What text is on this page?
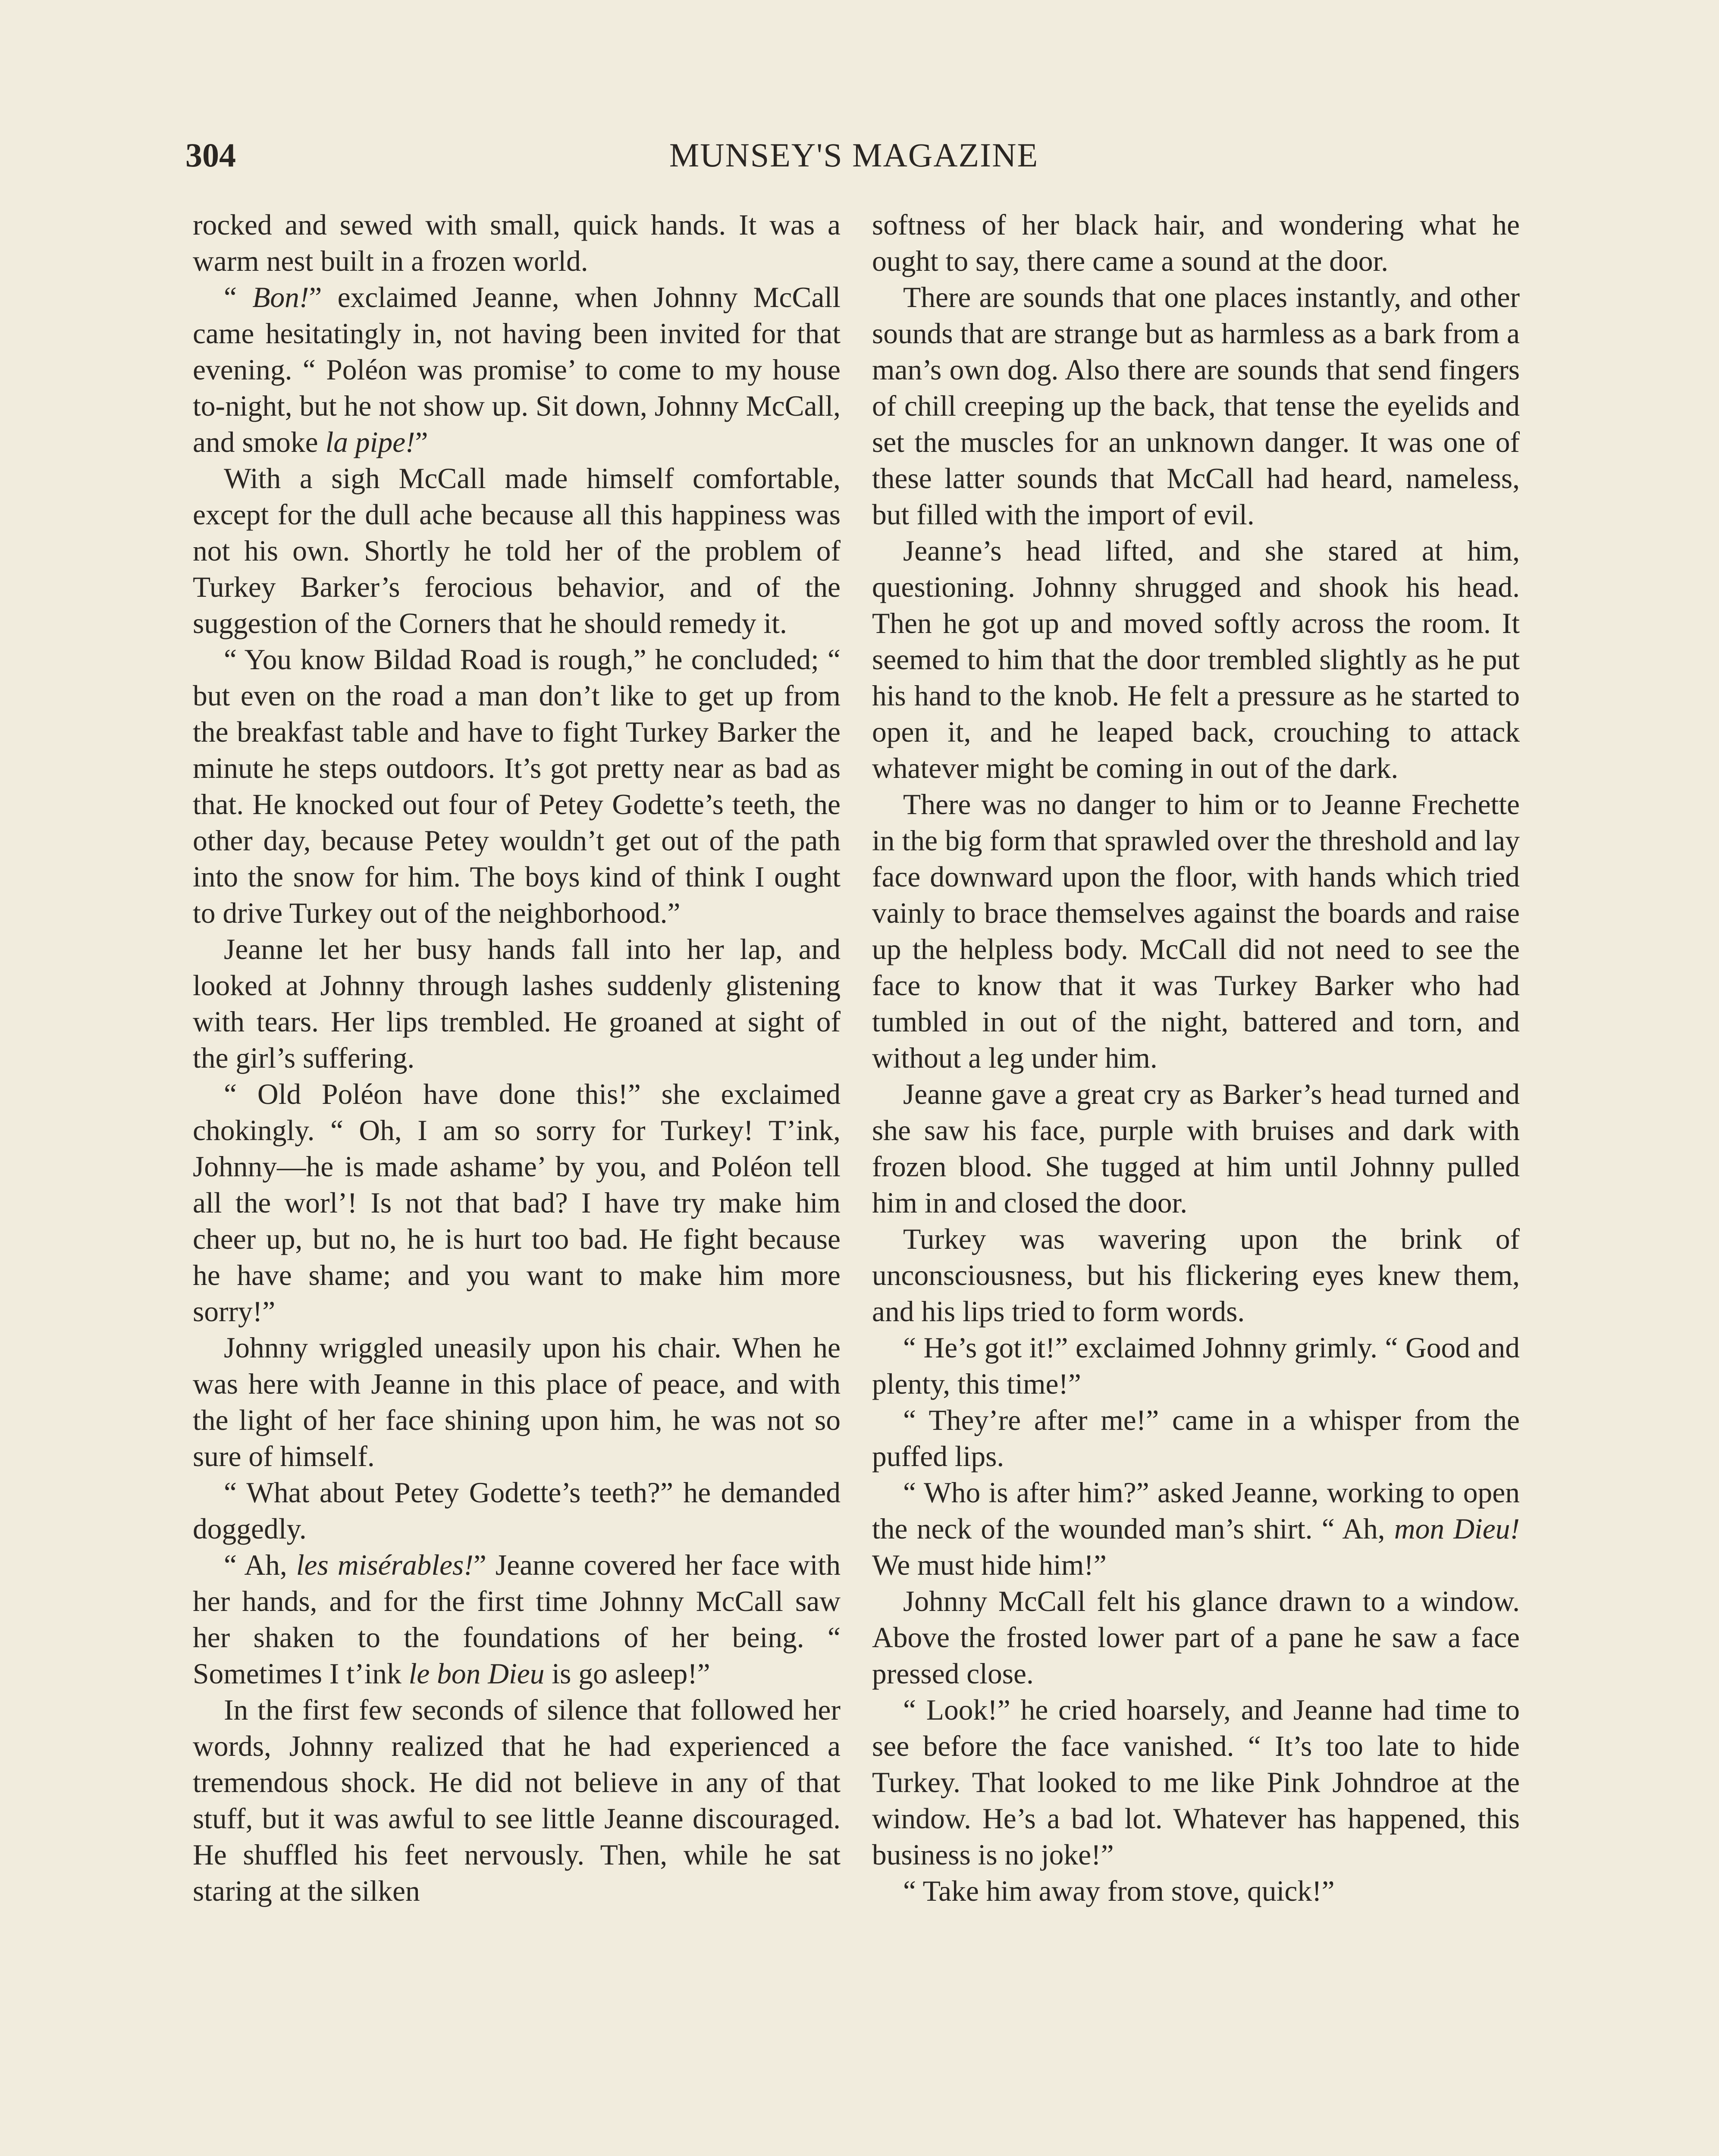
304	MUNSEY'S MAGAZINE

rocked and sewed with small, quick hands. It was a warm nest built in a frozen world.

“ Bon!” exclaimed Jeanne, when Johnny McCall came hesitatingly in, not having been invited for that evening. “ Poléon was promise’ to come to my house to-night, but he not show up. Sit down, Johnny McCall, and smoke la pipe!”

With a sigh McCall made himself comfortable, except for the dull ache because all this happiness was not his own. Shortly he told her of the problem of Turkey Barker’s ferocious behavior, and of the suggestion of the Corners that he should remedy it.

“ You know Bildad Road is rough,” he concluded; “ but even on the road a man don’t like to get up from the breakfast table and have to fight Turkey Barker the minute he steps outdoors. It’s got pretty near as bad as that. He knocked out four of Petey Godette’s teeth, the other day, because Petey wouldn’t get out of the path into the snow for him. The boys kind of think I ought to drive Turkey out of the neighborhood.”

Jeanne let her busy hands fall into her lap, and looked at Johnny through lashes suddenly glistening with tears. Her lips trembled. He groaned at sight of the girl’s suffering.

“ Old Poléon have done this!” she exclaimed chokingly. “ Oh, I am so sorry for Turkey! T’ink, Johnny—he is made ashame’ by you, and Poléon tell all the worl’! Is not that bad? I have try make him cheer up, but no, he is hurt too bad. He fight because he have shame; and you want to make him more sorry!”

Johnny wriggled uneasily upon his chair. When he was here with Jeanne in this place of peace, and with the light of her face shining upon him, he was not so sure of himself.

“ What about Petey Godette’s teeth?” he demanded doggedly.

“ Ah, les misérables!” Jeanne covered her face with her hands, and for the first time Johnny McCall saw her shaken to the foundations of her being. “ Sometimes I t’ink le bon Dieu is go asleep!”

In the first few seconds of silence that followed her words, Johnny realized that he had experienced a tremendous shock. He did not believe in any of that stuff, but it was awful to see little Jeanne discouraged. He shuffled his feet nervously. Then, while he sat staring at the silken

softness of her black hair, and wondering what he ought to say, there came a sound at the door.

There are sounds that one places instantly, and other sounds that are strange but as harmless as a bark from a man’s own dog. Also there are sounds that send fingers of chill creeping up the back, that tense the eyelids and set the muscles for an unknown danger. It was one of these latter sounds that McCall had heard, nameless, but filled with the import of evil.

Jeanne’s head lifted, and she stared at him, questioning. Johnny shrugged and shook his head. Then he got up and moved softly across the room. It seemed to him that the door trembled slightly as he put his hand to the knob. He felt a pressure as he started to open it, and he leaped back, crouching to attack whatever might be coming in out of the dark.

There was no danger to him or to Jeanne Frechette in the big form that sprawled over the threshold and lay face downward upon the floor, with hands which tried vainly to brace themselves against the boards and raise up the helpless body. McCall did not need to see the face to know that it was Turkey Barker who had tumbled in out of the night, battered and torn, and without a leg under him.

Jeanne gave a great cry as Barker’s head turned and she saw his face, purple with bruises and dark with frozen blood. She tugged at him until Johnny pulled him in and closed the door.

Turkey was wavering upon the brink of unconsciousness, but his flickering eyes knew them, and his lips tried to form words.

“ He’s got it!” exclaimed Johnny grimly. “ Good and plenty, this time!”

“ They’re after me!” came in a whisper from the puffed lips.

“ Who is after him?” asked Jeanne, working to open the neck of the wounded man’s shirt. “ Ah, mon Dieu! We must hide him!”

Johnny McCall felt his glance drawn to a window. Above the frosted lower part of a pane he saw a face pressed close.

“ Look!” he cried hoarsely, and Jeanne had time to see before the face vanished. “ It’s too late to hide Turkey. That looked to me like Pink Johndroe at the window. He’s a bad lot. Whatever has happened, this business is no joke!”

“ Take him away from stove, quick!”
